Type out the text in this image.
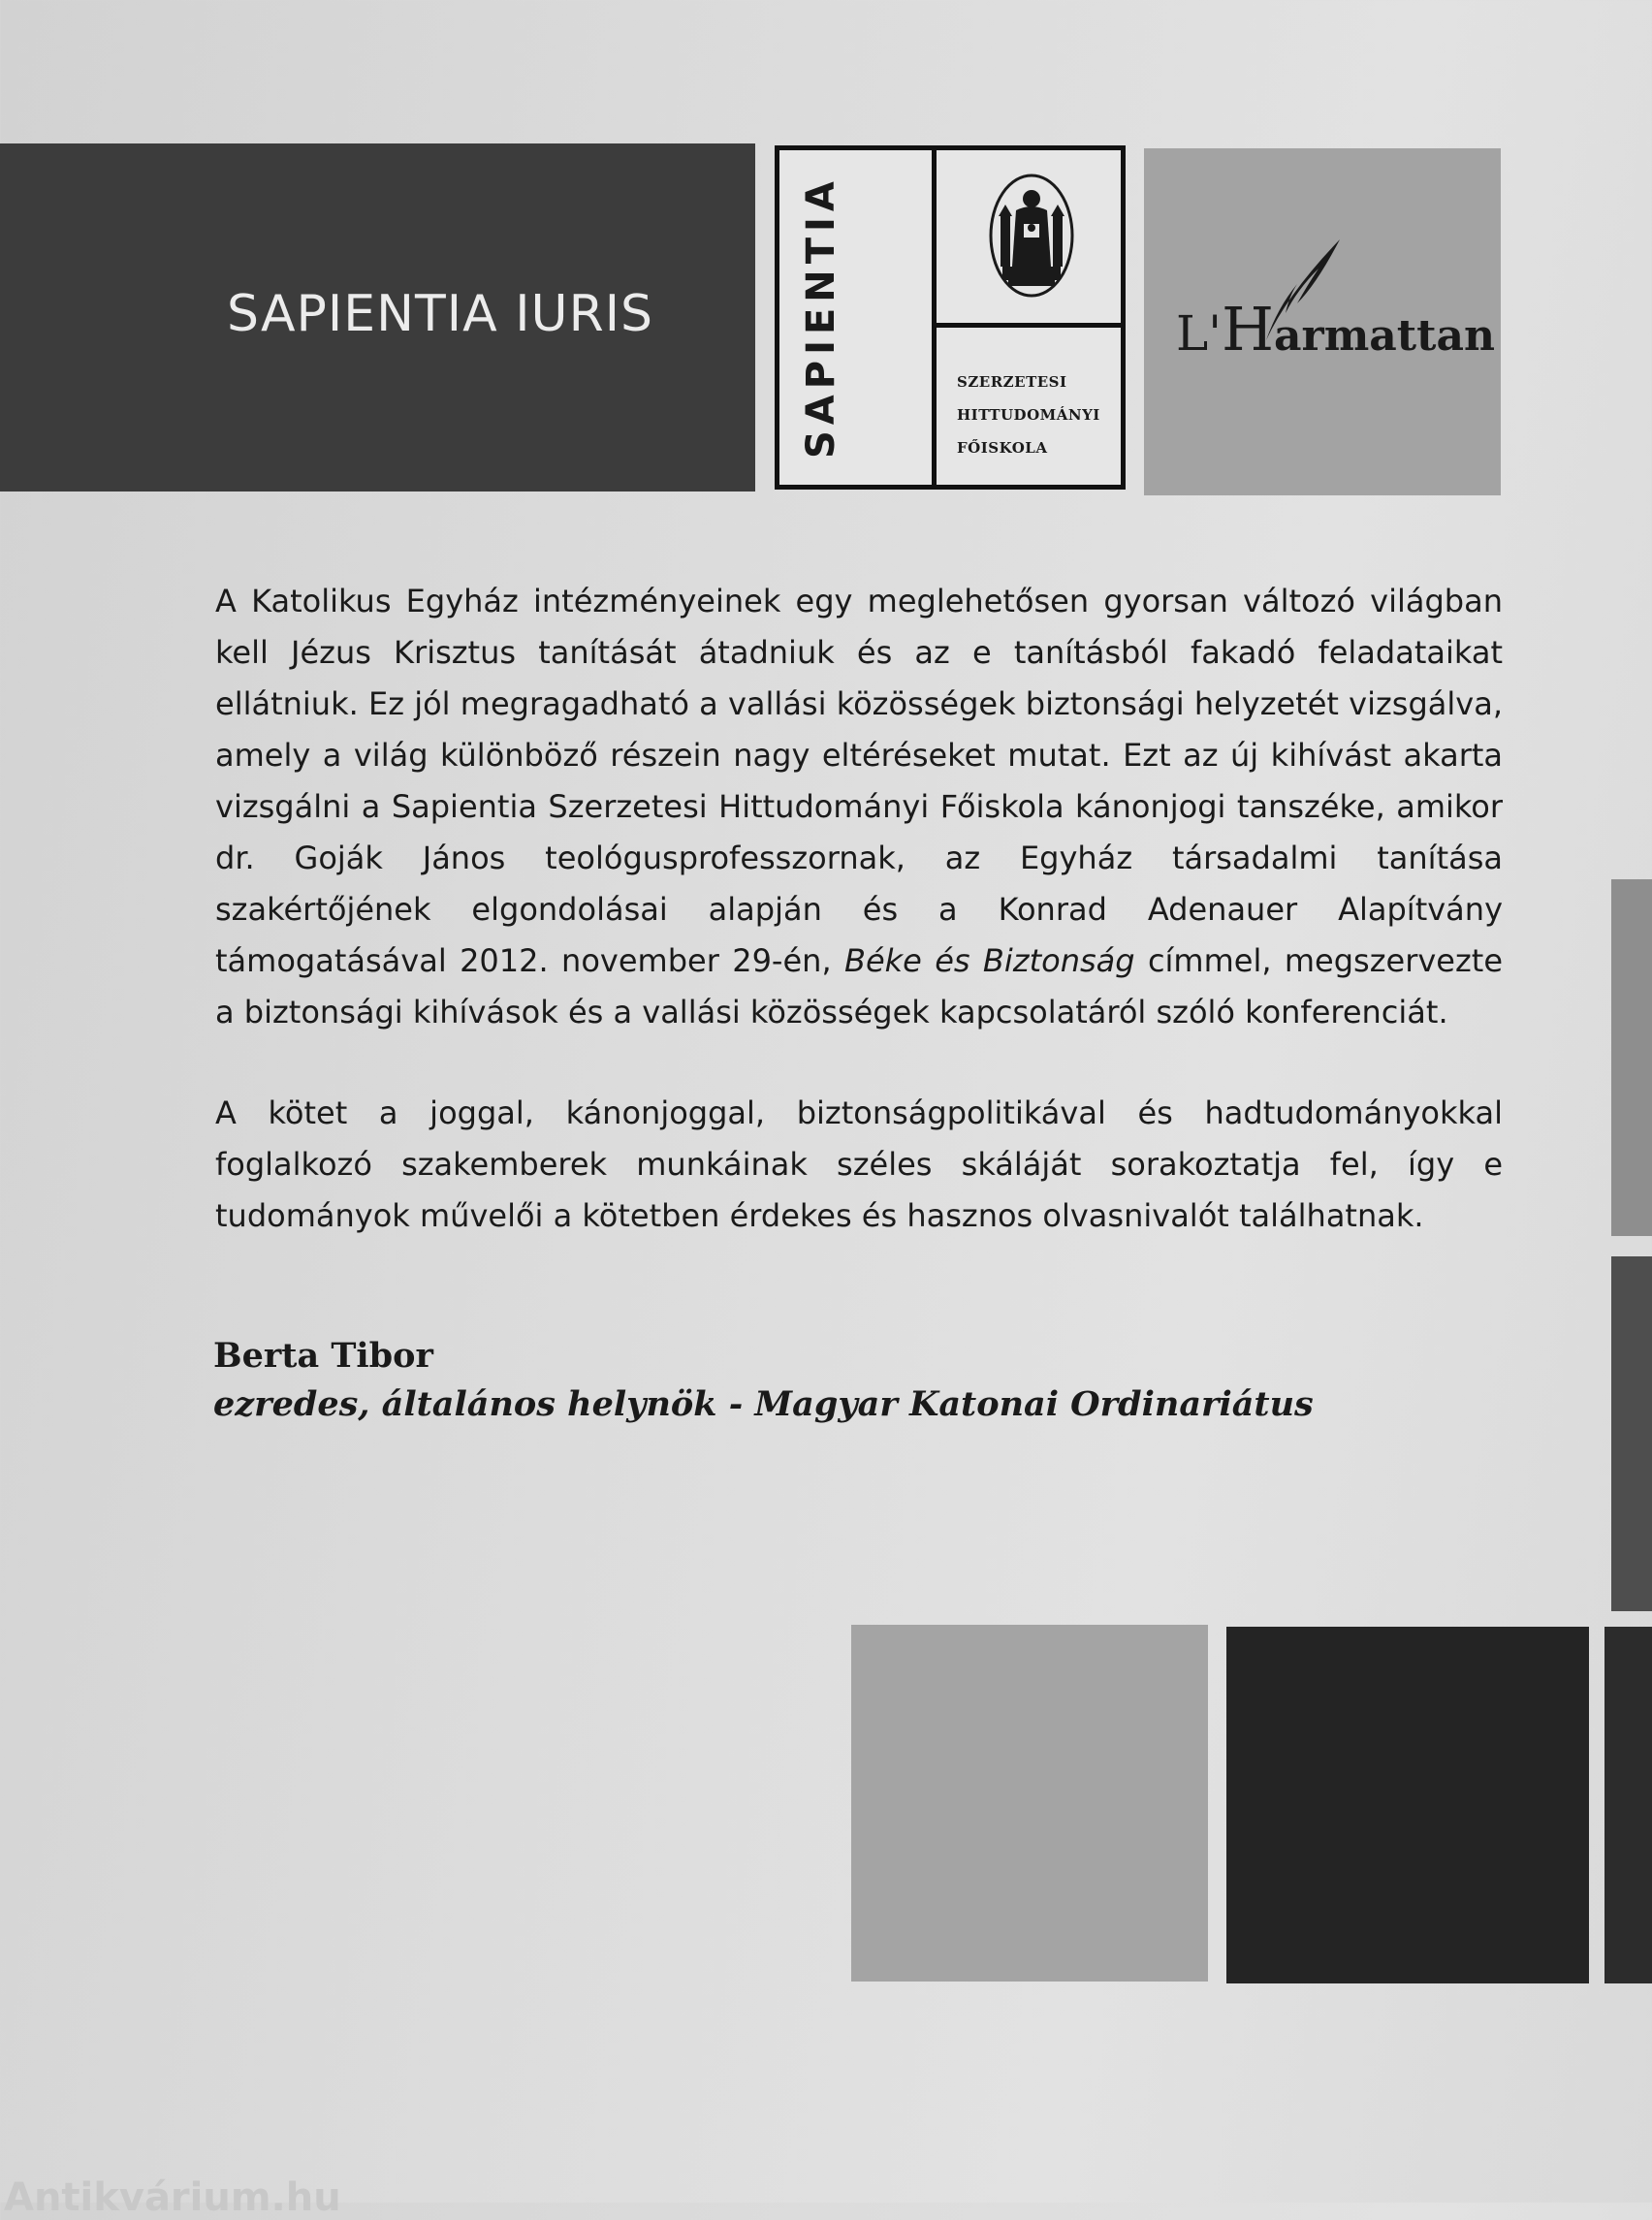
SAPIENTIA IURIS	SAPIENTIA	SZERZETESI
HITTUDOMÁNYI
FŐISKOLA
L'Harmattan

A Katolikus Egyház intézményeinek egy meglehetősen gyorsan változó világban kell Jézus Krisztus tanítását átadniuk és az e tanításból fakadó feladataikat ellátniuk. Ez jól megragadható a vallási közösségek biztonsági helyzetét vizsgálva, amely a világ különböző részein nagy eltéréseket mutat. Ezt az új kihívást akarta vizsgálni a Sapientia Szerzetesi Hittudományi Főiskola kánonjogi tanszéke, amikor dr. Goják János teológusprofesszornak, az Egyház társadalmi tanítása szakértőjének elgondolásai alapján és a Konrad Adenauer Alapítvány támogatásával 2012. november 29-én, Béke és Biztonság címmel, megszervezte a biztonsági kihívások és a vallási közösségek kapcsolatáról szóló konferenciát.

A kötet a joggal, kánonjoggal, biztonságpolitikával és hadtudományokkal foglalkozó szakemberek munkáinak széles skáláját sorakoztatja fel, így e tudományok művelői a kötetben érdekes és hasznos olvasnivalót találhatnak.

Berta Tibor
ezredes, általános helynök - Magyar Katonai Ordinariátus
Antikvárium.hu
